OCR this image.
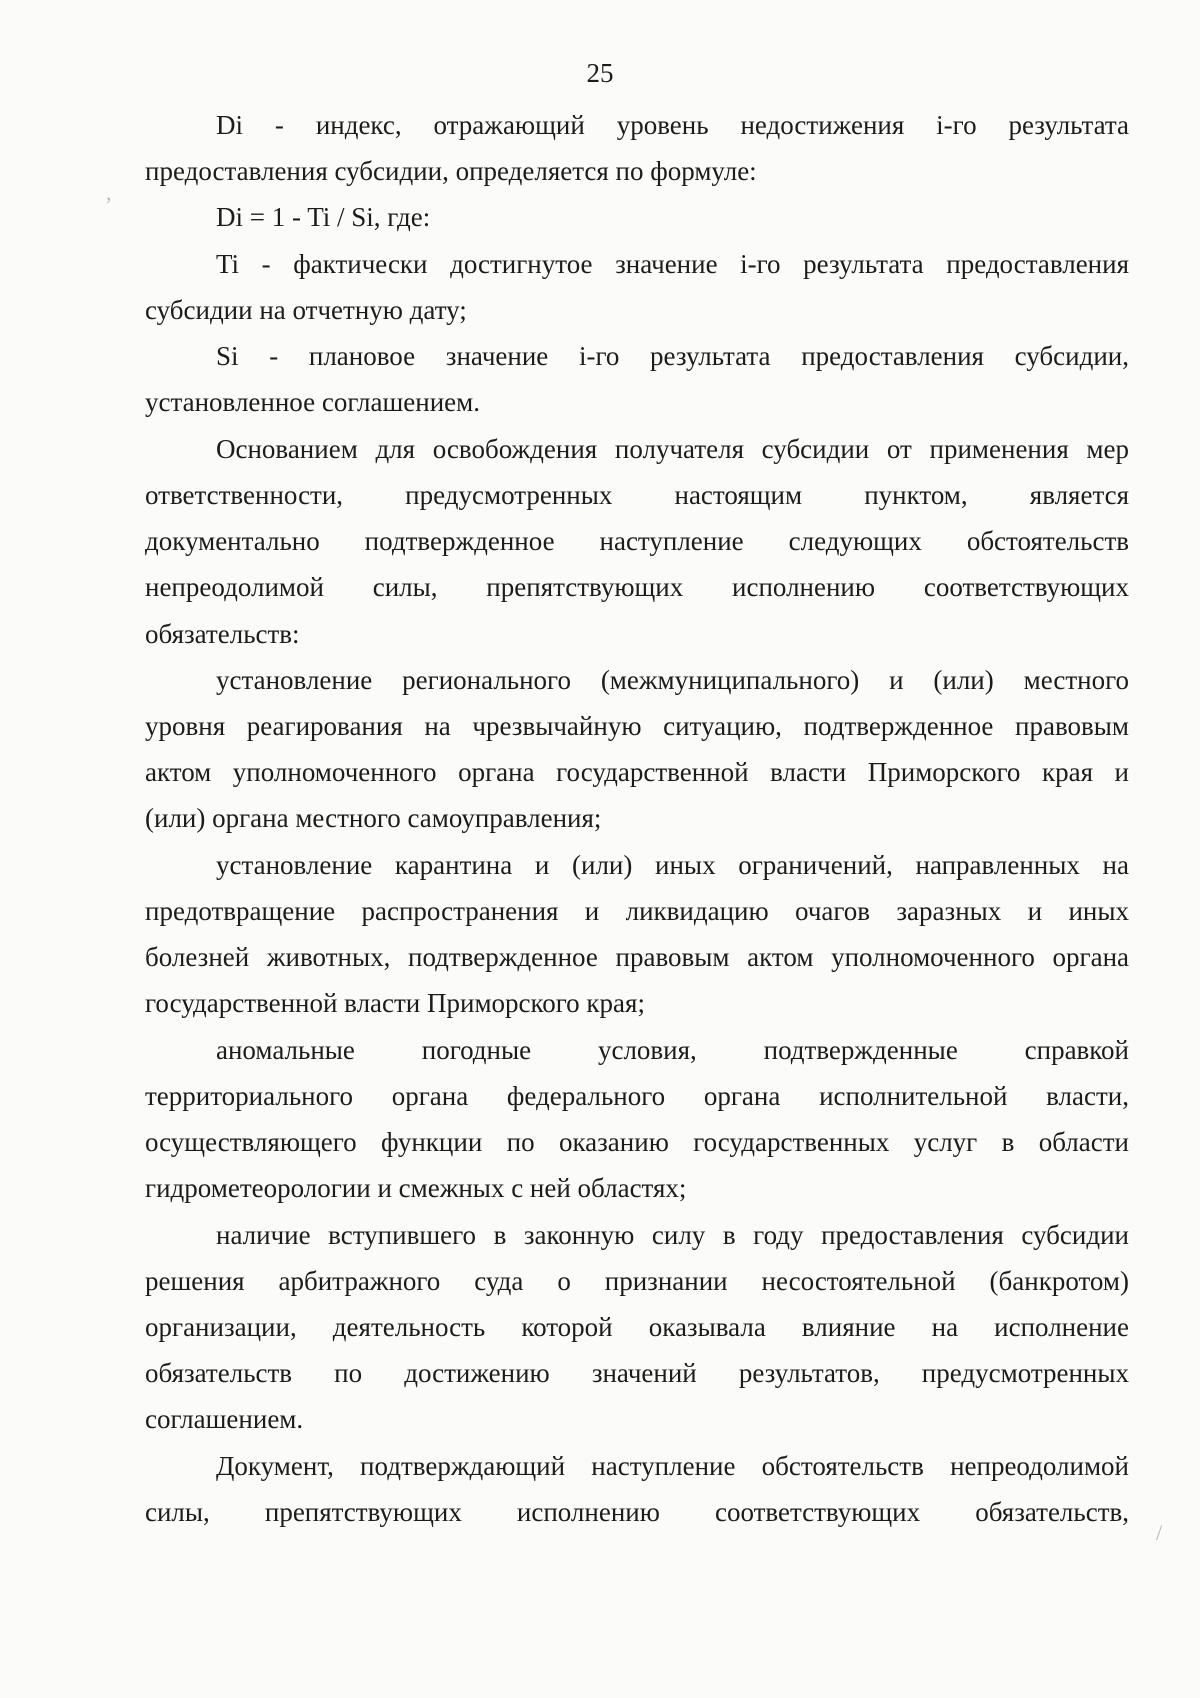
25
Di - индекс, отражающий уровень недостижения i-го результата
предоставления субсидии, определяется по формуле:
Di = 1 - Ti / Si, где:
Ti - фактически достигнутое значение i-го результата предоставления
субсидии на отчетную дату;
Si - плановое значение i-го результата предоставления субсидии,
установленное соглашением.
Основанием для освобождения получателя субсидии от применения мер
ответственности, предусмотренных настоящим пунктом, является
документально подтвержденное наступление следующих обстоятельств
непреодолимой силы, препятствующих исполнению соответствующих
обязательств:
установление регионального (межмуниципального) и (или) местного
уровня реагирования на чрезвычайную ситуацию, подтвержденное правовым
актом уполномоченного органа государственной власти Приморского края и
(или) органа местного самоуправления;
установление карантина и (или) иных ограничений, направленных на
предотвращение распространения и ликвидацию очагов заразных и иных
болезней животных, подтвержденное правовым актом уполномоченного органа
государственной власти Приморского края;
аномальные погодные условия, подтвержденные справкой
территориального органа федерального органа исполнительной власти,
осуществляющего функции по оказанию государственных услуг в области
гидрометеорологии и смежных с ней областях;
наличие вступившего в законную силу в году предоставления субсидии
решения арбитражного суда о признании несостоятельной (банкротом)
организации, деятельность которой оказывала влияние на исполнение
обязательств по достижению значений результатов, предусмотренных
соглашением.
Документ, подтверждающий наступление обстоятельств непреодолимой
силы, препятствующих исполнению соответствующих обязательств,
,
/
